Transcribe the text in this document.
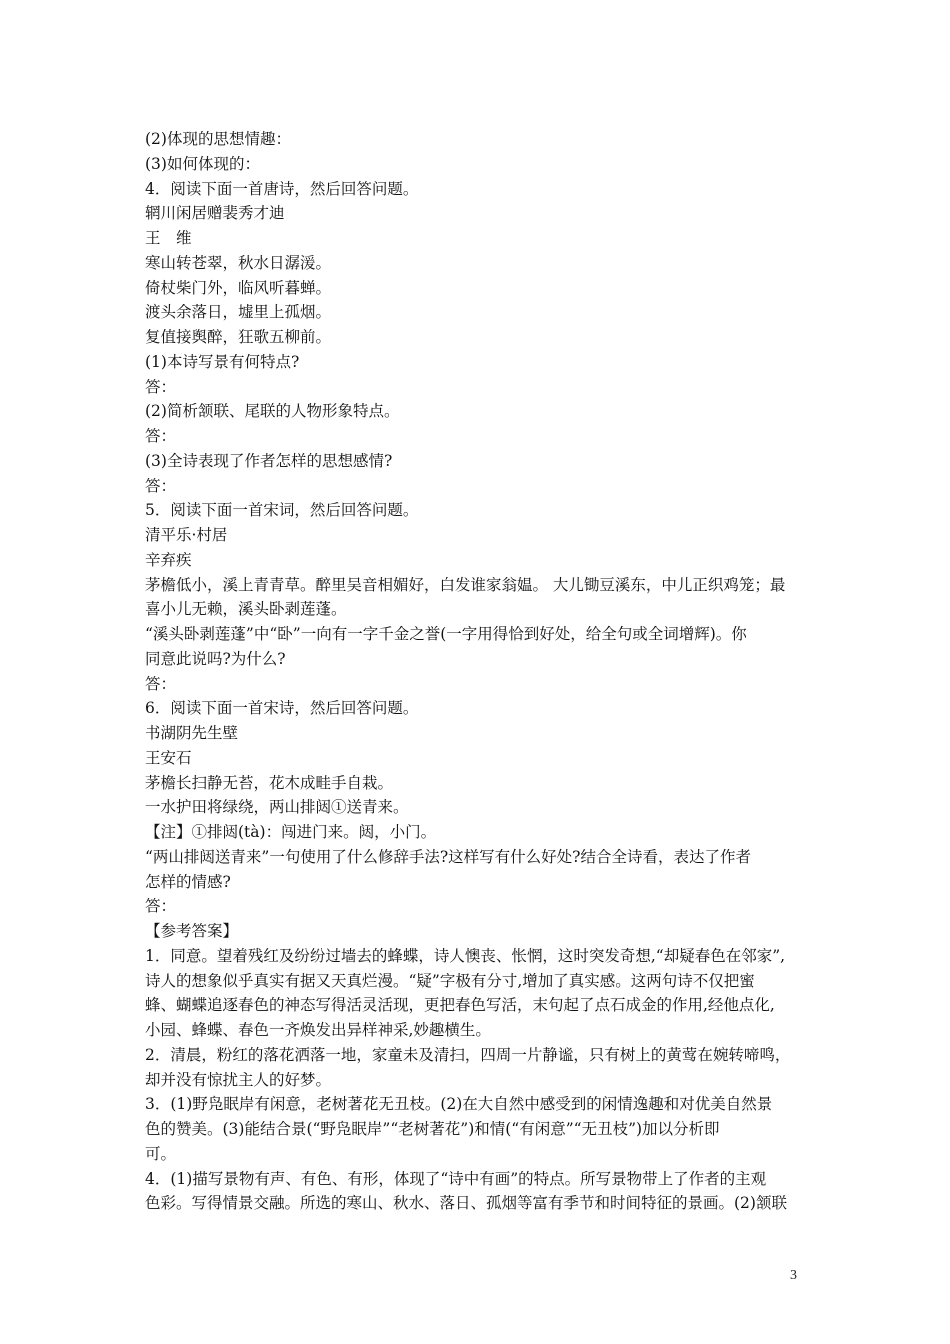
(2)体现的思想情趣：
(3)如何体现的：
4．阅读下面一首唐诗，然后回答问题。
辋川闲居赠裴秀才迪
王　维
寒山转苍翠，秋水日潺湲。
倚杖柴门外，临风听暮蝉。
渡头余落日，墟里上孤烟。
复值接舆醉，狂歌五柳前。
(1)本诗写景有何特点?
答：
(2)简析颔联、尾联的人物形象特点。
答：
(3)全诗表现了作者怎样的思想感情?
答：
5．阅读下面一首宋词，然后回答问题。
清平乐·村居
辛弃疾
茅檐低小，溪上青青草。醉里吴音相媚好，白发谁家翁媪。 大儿锄豆溪东，中儿正织鸡笼；最
喜小儿无赖，溪头卧剥莲蓬。
“溪头卧剥莲蓬”中“卧”一向有一字千金之誉(一字用得恰到好处，给全句或全词增辉)。你
同意此说吗?为什么?
答：
6．阅读下面一首宋诗，然后回答问题。
书湖阴先生壁
王安石
茅檐长扫静无苔，花木成畦手自栽。
一水护田将绿绕，两山排闼①送青来。
【注】①排闼(tà)：闯进门来。闼，小门。
“两山排闼送青来”一句使用了什么修辞手法?这样写有什么好处?结合全诗看，表达了作者
怎样的情感?
答：
【参考答案】
1．同意。望着残红及纷纷过墙去的蜂蝶，诗人懊丧、怅惘，这时突发奇想,“却疑春色在邻家”,
诗人的想象似乎真实有据又天真烂漫。“疑”字极有分寸,增加了真实感。这两句诗不仅把蜜
蜂、蝴蝶追逐春色的神态写得活灵活现，更把春色写活，末句起了点石成金的作用,经他点化,
小园、蜂蝶、春色一齐焕发出异样神采,妙趣横生。
2．清晨，粉红的落花洒落一地，家童未及清扫，四周一片静谧，只有树上的黄莺在婉转啼鸣，
却并没有惊扰主人的好梦。
3．(1)野凫眠岸有闲意，老树著花无丑枝。(2)在大自然中感受到的闲情逸趣和对优美自然景
色的赞美。(3)能结合景(“野凫眠岸”“老树著花”)和情(“有闲意”“无丑枝”)加以分析即
可。
4．(1)描写景物有声、有色、有形，体现了“诗中有画”的特点。所写景物带上了作者的主观
色彩。写得情景交融。所选的寒山、秋水、落日、孤烟等富有季节和时间特征的景画。(2)颔联
3
